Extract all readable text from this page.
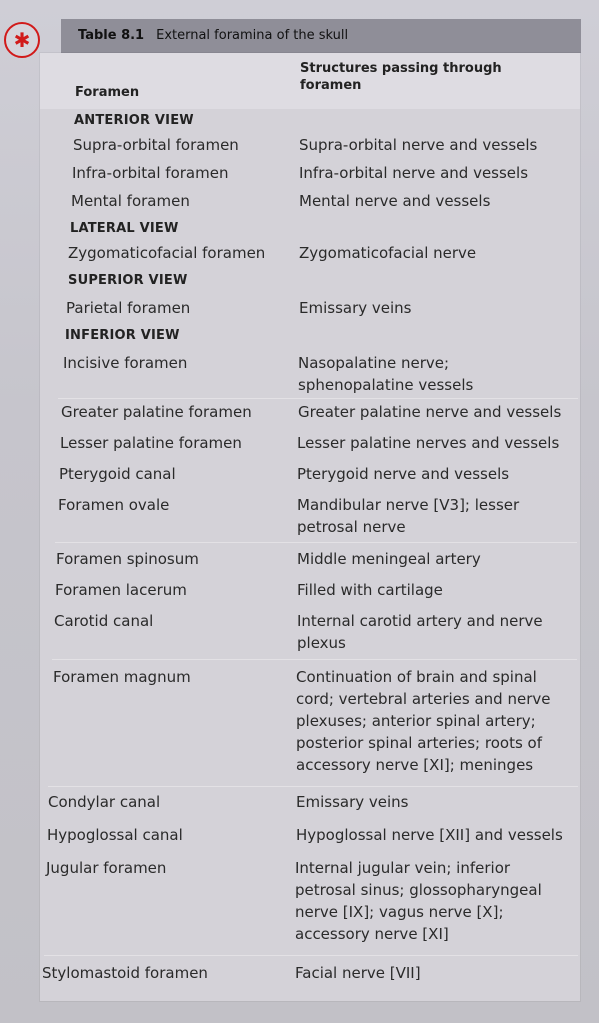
✱	Table 8.1 External foramina of the skull
Foramen
Structures passing through foramen
ANTERIOR VIEW
Supra-orbital foramen	Supra-orbital nerve and vessels
Infra-orbital foramen	Infra-orbital nerve and vessels
Mental foramen	Mental nerve and vessels
LATERAL VIEW
Zygomaticofacial foramen Zygomaticofacial nerve
SUPERIOR VIEW
Parietal foramen	Emissary veins
INFERIOR VIEW
Incisive foramen	Nasopalatine nerve; sphenopalatine vessels
Greater palatine foramen	Greater palatine nerve and vessels
Lesser palatine foramen	Lesser palatine nerves and vessels
Pterygoid canal	Pterygoid nerve and vessels
Foramen ovale	Mandibular nerve [V3]; lesser petrosal nerve
Foramen spinosum	Middle meningeal artery
Foramen lacerum	Filled with cartilage
Carotid canal	Internal carotid artery and nerve plexus
Foramen magnum	Continuation of brain and spinal cord; vertebral arteries and nerve plexuses; anterior spinal artery; posterior spinal arteries; roots of accessory nerve [XI]; meninges
Condylar canal	Emissary veins
Hypoglossal canal	Hypoglossal nerve [XII] and vessels
Jugular foramen	Internal jugular vein; inferior petrosal sinus; glossopharyngeal nerve [IX]; vagus nerve [X]; accessory nerve [XI]
Stylomastoid foramen	Facial nerve [VII]
